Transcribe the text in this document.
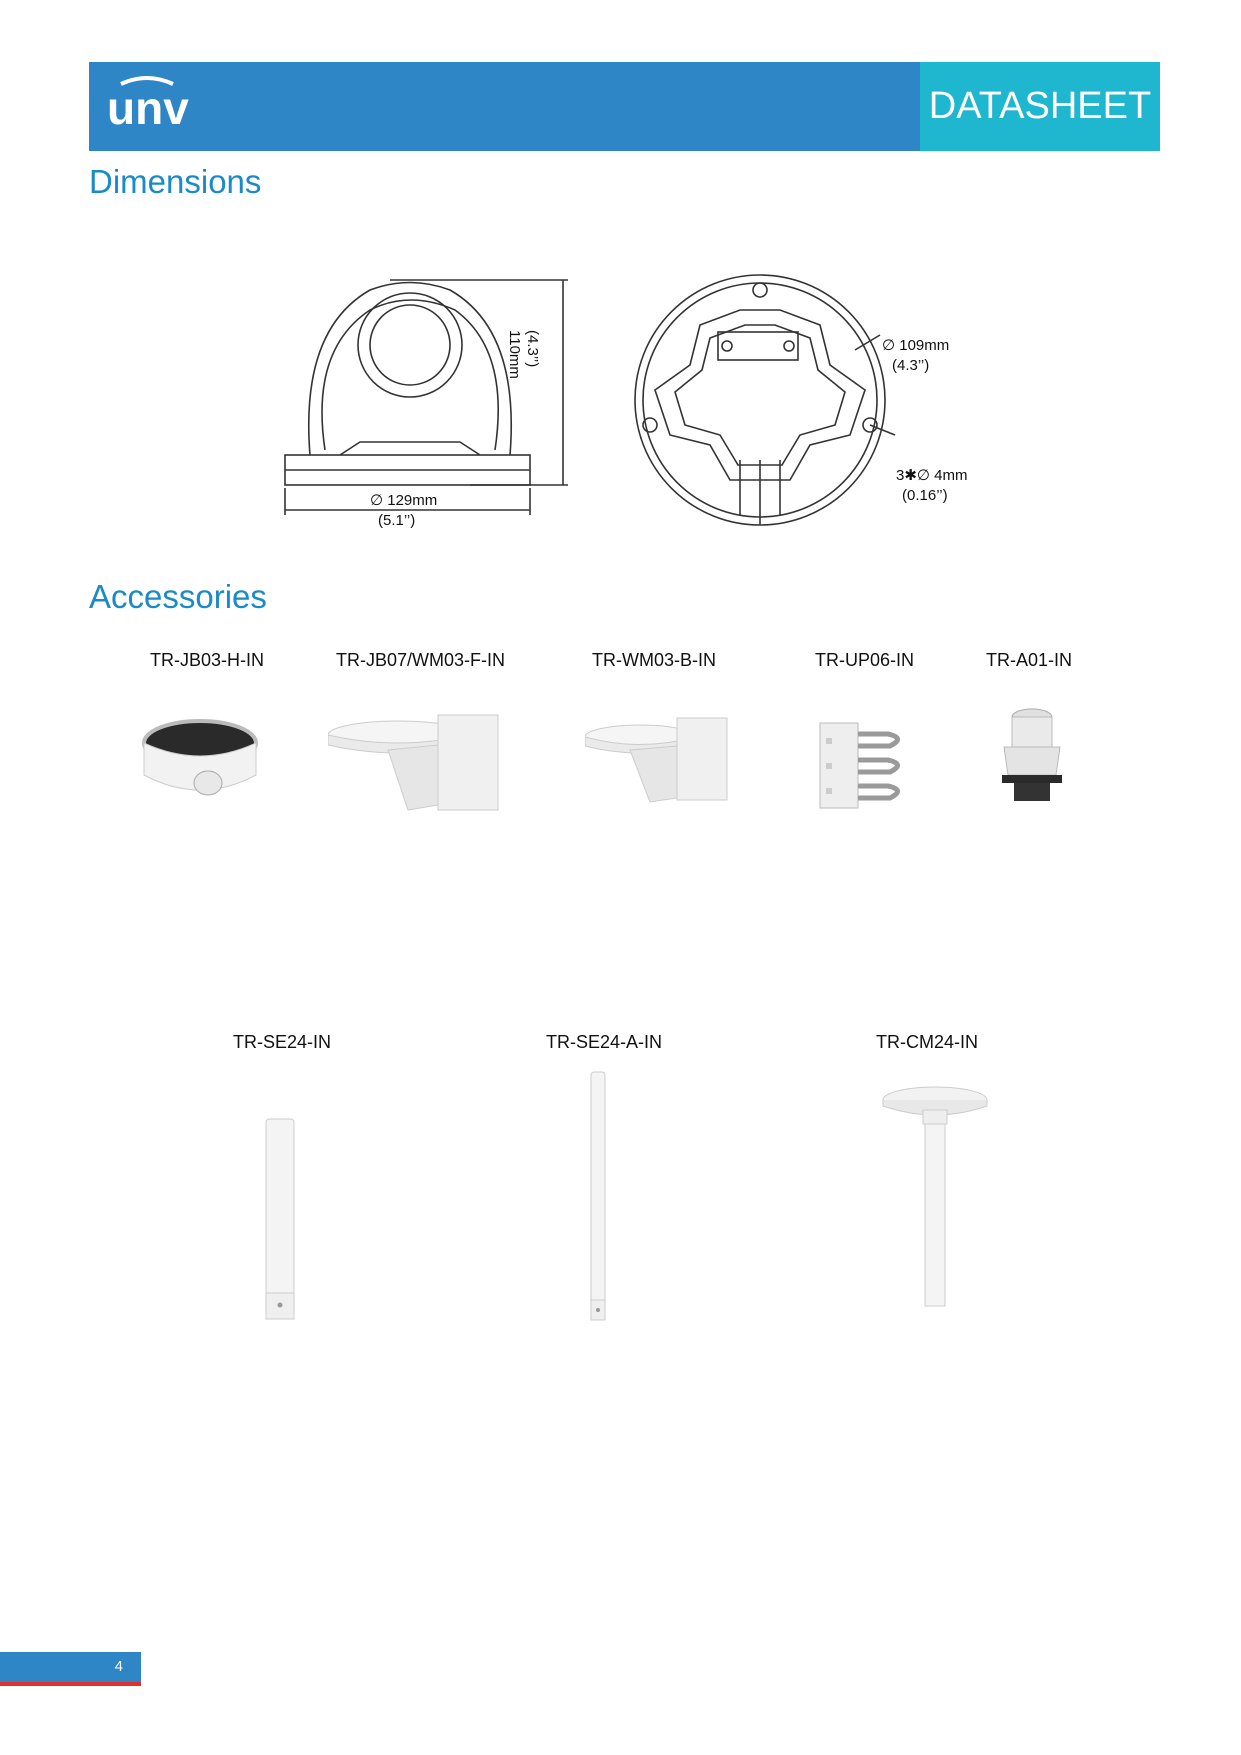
unv	DATASHEET
Dimensions
110mm (4.3’’)
∅ 129mm
(5.1’’)
∅ 109mm
(4.3’’)
3✱∅ 4mm
(0.16’’)
Accessories
TR-JB03-H-IN	TR-JB07/WM03-F-IN	TR-WM03-B-IN	TR-UP06-IN	TR-A01-IN
TR-SE24-IN	TR-SE24-A-IN	TR-CM24-IN
4
